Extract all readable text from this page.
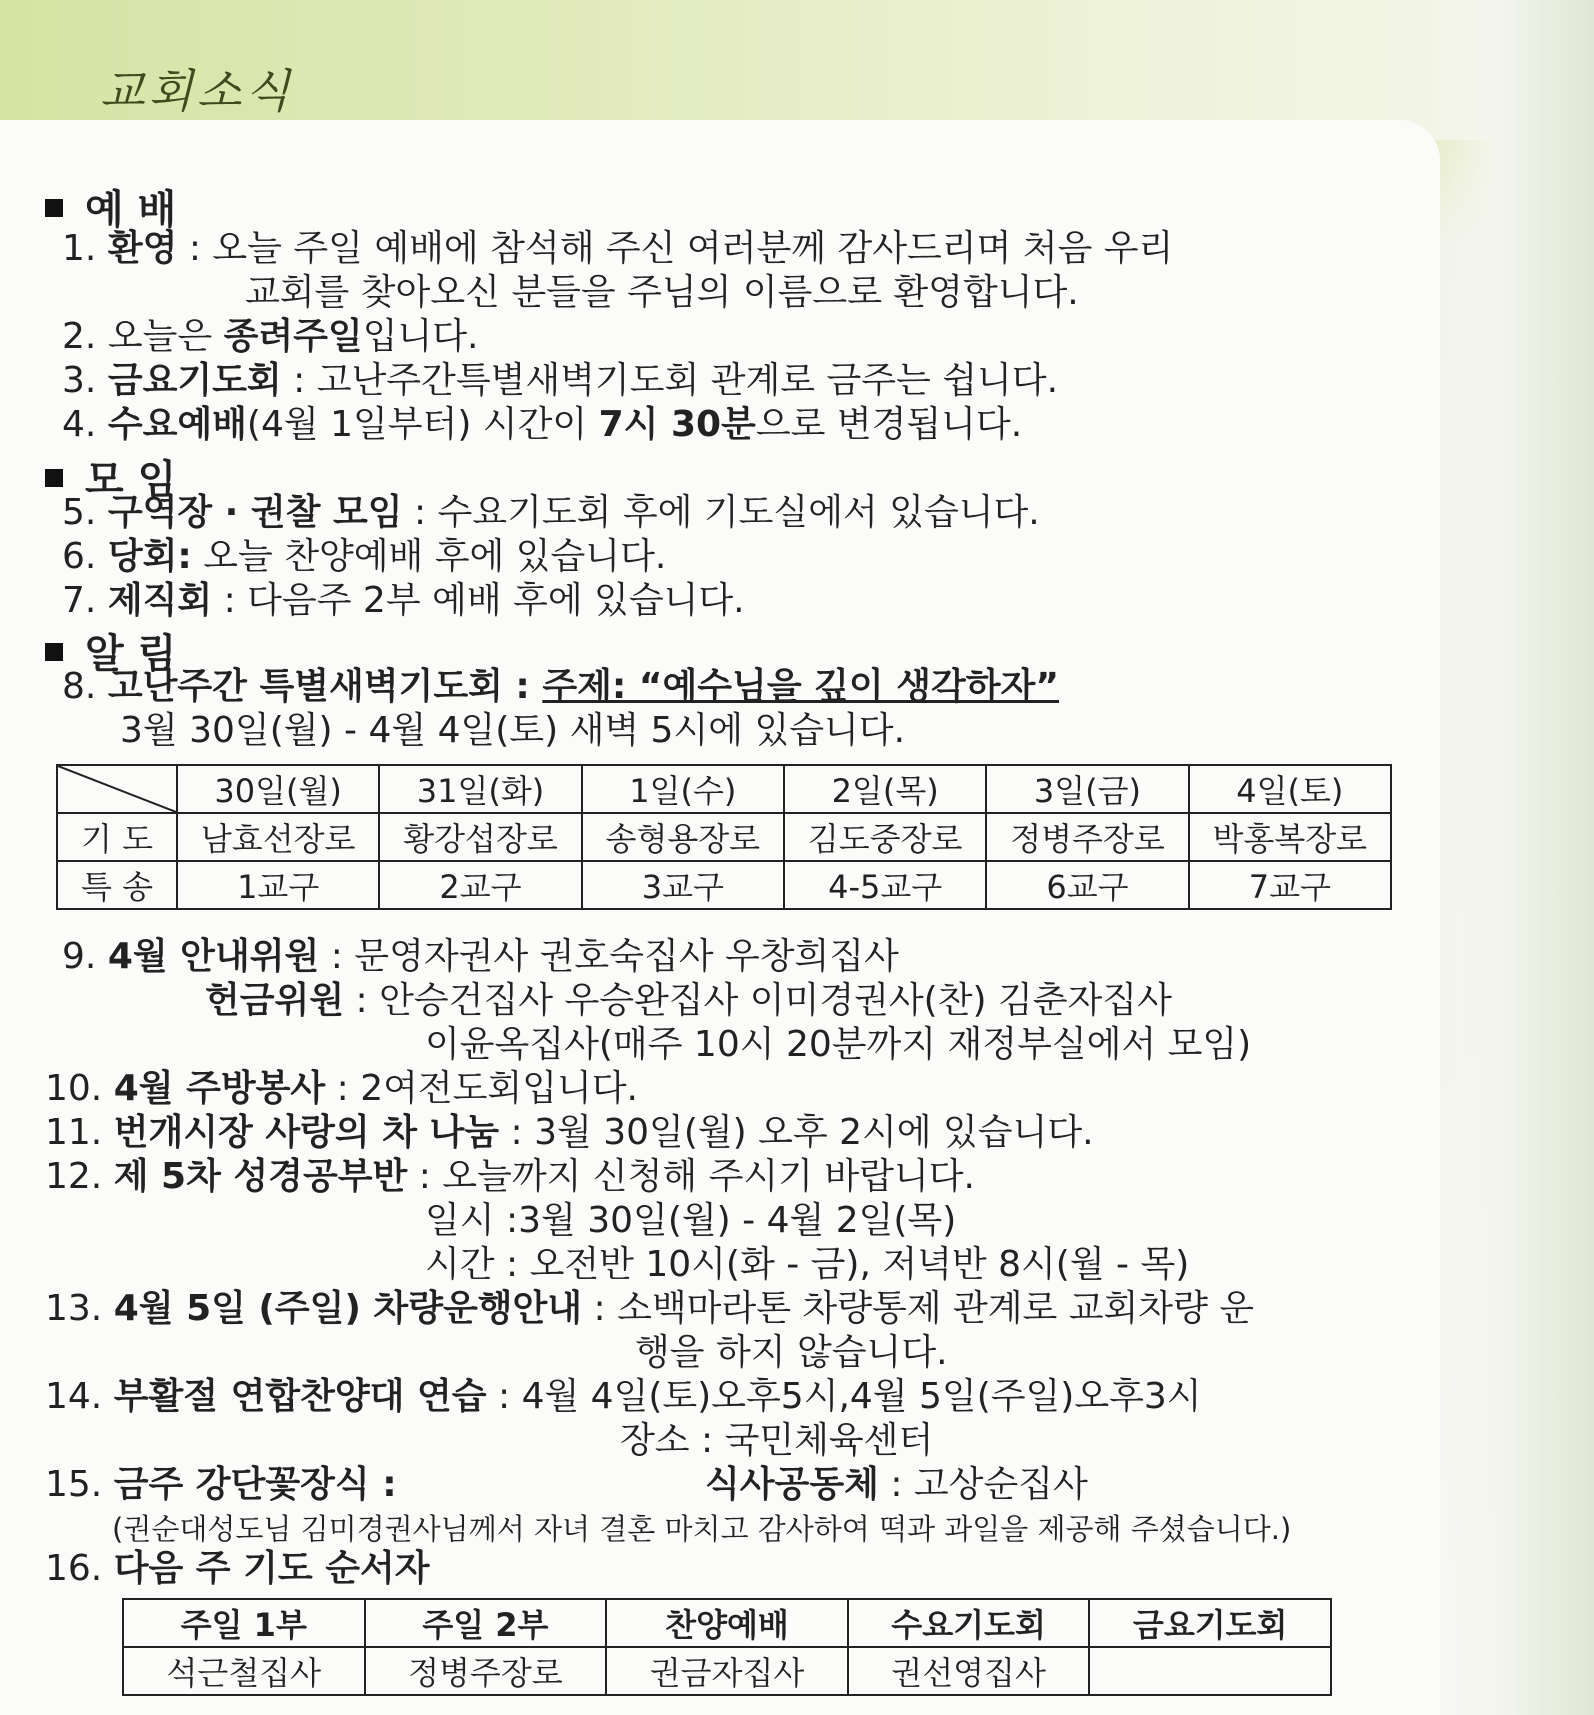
교회소식
예 배
1. 환영 : 오늘 주일 예배에 참석해 주신 여러분께 감사드리며 처음 우리
교회를 찾아오신 분들을 주님의 이름으로 환영합니다.
2. 오늘은 종려주일입니다.
3. 금요기도회 : 고난주간특별새벽기도회 관계로 금주는 쉽니다.
4. 수요예배(4월 1일부터) 시간이 7시 30분으로 변경됩니다.
모 임
5. 구역장 · 권찰 모임 : 수요기도회 후에 기도실에서 있습니다.
6. 당회: 오늘 찬양예배 후에 있습니다.
7. 제직회 : 다음주 2부 예배 후에 있습니다.
알 림
8. 고난주간 특별새벽기도회 : 주제: “예수님을 깊이 생각하자”
3월 30일(월) - 4월 4일(토) 새벽 5시에 있습니다.
	30일(월)	31일(화)	1일(수)	2일(목)	3일(금)	4일(토)
기 도	남효선장로	황강섭장로	송형용장로	김도중장로	정병주장로	박홍복장로
특 송	1교구	2교구	3교구	4-5교구	6교구	7교구
9. 4월 안내위원 : 문영자권사 권호숙집사 우창희집사
헌금위원 : 안승건집사 우승완집사 이미경권사(찬) 김춘자집사
이윤옥집사(매주 10시 20분까지 재정부실에서 모임)
10. 4월 주방봉사 : 2여전도회입니다.
11. 번개시장 사랑의 차 나눔 : 3월 30일(월) 오후 2시에 있습니다.
12. 제 5차 성경공부반 : 오늘까지 신청해 주시기 바랍니다.
일시 :3월 30일(월) - 4월 2일(목)
시간 : 오전반 10시(화 - 금), 저녁반 8시(월 - 목)
13. 4월 5일 (주일) 차량운행안내 : 소백마라톤 차량통제 관계로 교회차량 운
행을 하지 않습니다.
14. 부활절 연합찬양대 연습 : 4월 4일(토)오후5시,4월 5일(주일)오후3시
장소 : 국민체육센터
15. 금주 강단꽃장식 :	식사공동체 : 고상순집사
(권순대성도님 김미경권사님께서 자녀 결혼 마치고 감사하여 떡과 과일을 제공해 주셨습니다.)
16. 다음 주 기도 순서자
주일 1부	주일 2부	찬양예배	수요기도회	금요기도회
석근철집사	정병주장로	권금자집사	권선영집사	
